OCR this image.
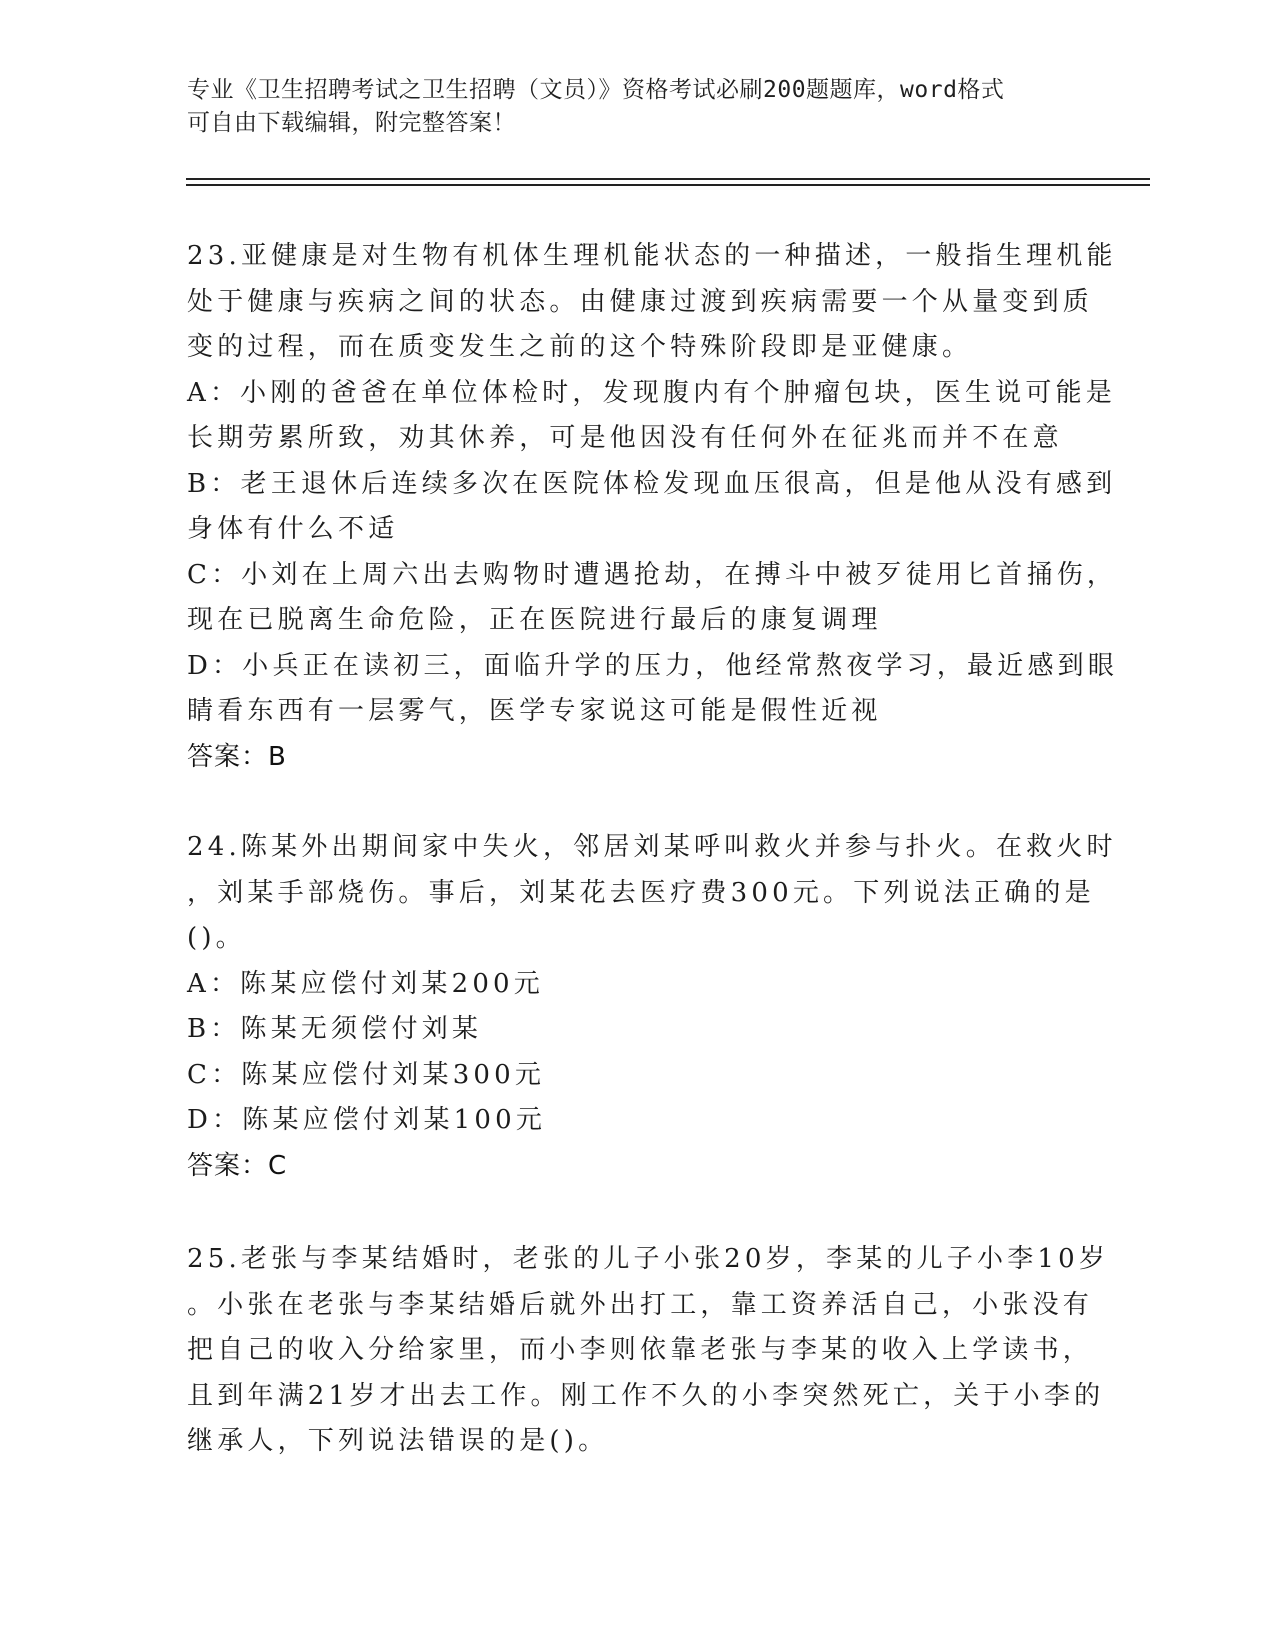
专业《卫生招聘考试之卫生招聘（文员）》资格考试必刷200题题库，word格式
可自由下载编辑，附完整答案！
23.亚健康是对生物有机体生理机能状态的一种描述，一般指生理机能
处于健康与疾病之间的状态。由健康过渡到疾病需要一个从量变到质
变的过程，而在质变发生之前的这个特殊阶段即是亚健康。
A：小刚的爸爸在单位体检时，发现腹内有个肿瘤包块，医生说可能是
长期劳累所致，劝其休养，可是他因没有任何外在征兆而并不在意
B：老王退休后连续多次在医院体检发现血压很高，但是他从没有感到
身体有什么不适
C：小刘在上周六出去购物时遭遇抢劫，在搏斗中被歹徒用匕首捅伤，
现在已脱离生命危险，正在医院进行最后的康复调理
D：小兵正在读初三，面临升学的压力，他经常熬夜学习，最近感到眼
睛看东西有一层雾气，医学专家说这可能是假性近视
答案：B
24.陈某外出期间家中失火，邻居刘某呼叫救火并参与扑火。在救火时
，刘某手部烧伤。事后，刘某花去医疗费300元。下列说法正确的是
()。
A：陈某应偿付刘某200元
B：陈某无须偿付刘某
C：陈某应偿付刘某300元
D：陈某应偿付刘某100元
答案：C
25.老张与李某结婚时，老张的儿子小张20岁，李某的儿子小李10岁
。小张在老张与李某结婚后就外出打工，靠工资养活自己，小张没有
把自己的收入分给家里，而小李则依靠老张与李某的收入上学读书，
且到年满21岁才出去工作。刚工作不久的小李突然死亡，关于小李的
继承人，下列说法错误的是()。
